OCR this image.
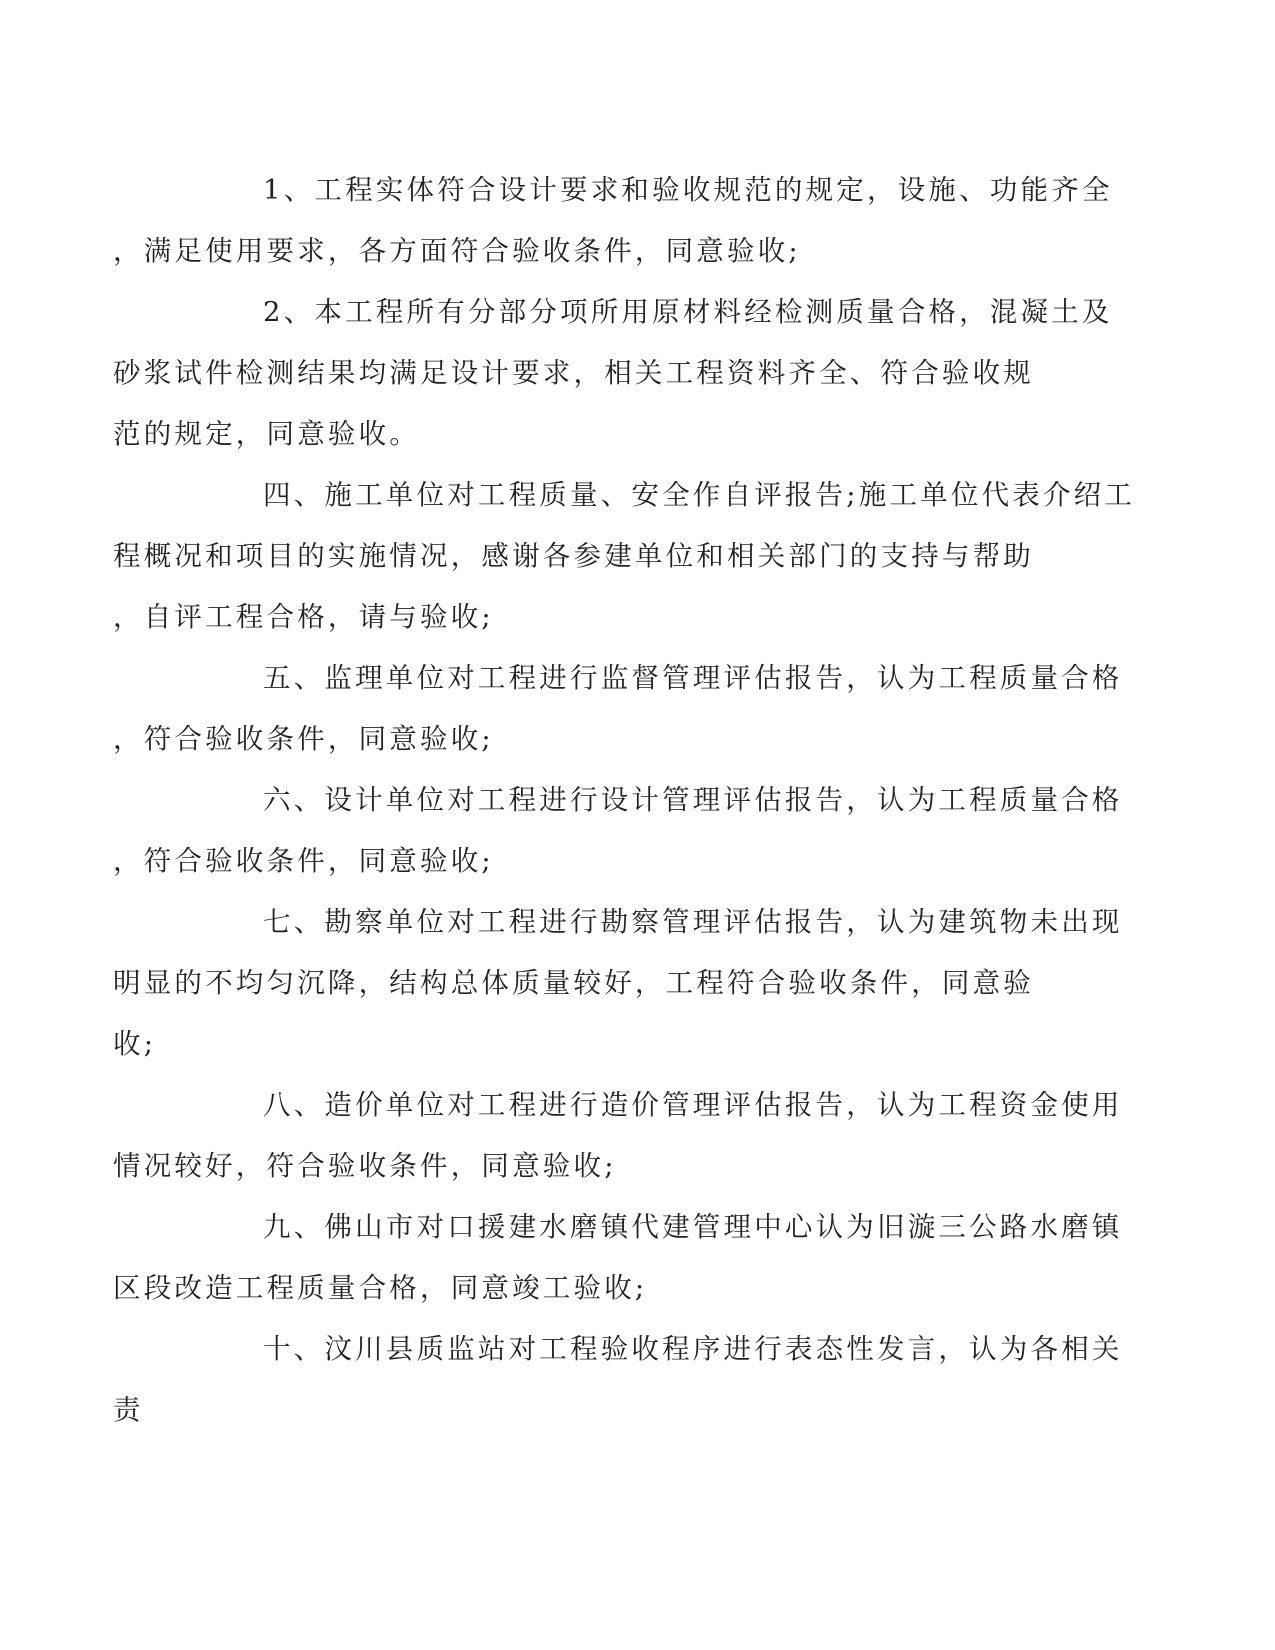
1、工程实体符合设计要求和验收规范的规定，设施、功能齐全
，满足使用要求，各方面符合验收条件，同意验收;

2、本工程所有分部分项所用原材料经检测质量合格，混凝土及
砂浆试件检测结果均满足设计要求，相关工程资料齐全、符合验收规
范的规定，同意验收。

四、施工单位对工程质量、安全作自评报告;施工单位代表介绍工
程概况和项目的实施情况，感谢各参建单位和相关部门的支持与帮助
，自评工程合格，请与验收;

五、监理单位对工程进行监督管理评估报告，认为工程质量合格
，符合验收条件，同意验收;

六、设计单位对工程进行设计管理评估报告，认为工程质量合格
，符合验收条件，同意验收;

七、勘察单位对工程进行勘察管理评估报告，认为建筑物未出现
明显的不均匀沉降，结构总体质量较好，工程符合验收条件，同意验
收;

八、造价单位对工程进行造价管理评估报告，认为工程资金使用
情况较好，符合验收条件，同意验收;

九、佛山市对口援建水磨镇代建管理中心认为旧漩三公路水磨镇
区段改造工程质量合格，同意竣工验收;

十、汶川县质监站对工程验收程序进行表态性发言，认为各相关
责
